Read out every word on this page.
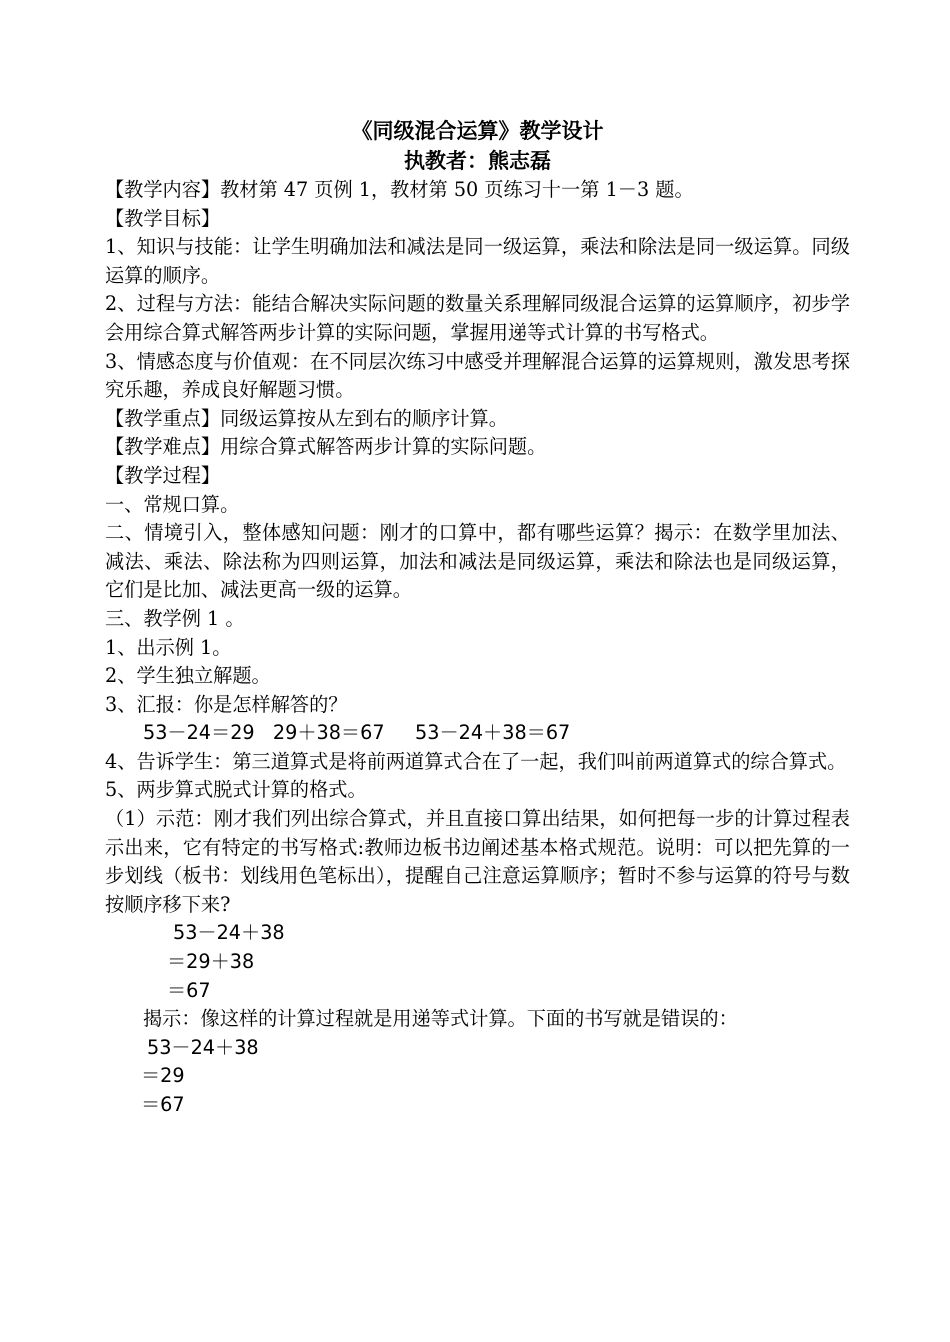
《同级混合运算》教学设计
执教者：熊志磊
【教学内容】教材第 47 页例 1，教材第 50 页练习十一第 1－3 题。
【教学目标】
1、知识与技能：让学生明确加法和减法是同一级运算，乘法和除法是同一级运算。同级运算的顺序。
2、过程与方法：能结合解决实际问题的数量关系理解同级混合运算的运算顺序，初步学会用综合算式解答两步计算的实际问题，掌握用递等式计算的书写格式。
3、情感态度与价值观：在不同层次练习中感受并理解混合运算的运算规则，激发思考探究乐趣，养成良好解题习惯。
【教学重点】同级运算按从左到右的顺序计算。
【教学难点】用综合算式解答两步计算的实际问题。
【教学过程】
一、常规口算。
二、情境引入，整体感知问题：刚才的口算中，都有哪些运算？揭示：在数学里加法、减法、乘法、除法称为四则运算，加法和减法是同级运算，乘法和除法也是同级运算，它们是比加、减法更高一级的运算。
三、教学例 1 。
1、出示例 1。
2、学生独立解题。
3、汇报：你是怎样解答的？
53－24＝29   29＋38＝67     53－24＋38＝67
4、告诉学生：第三道算式是将前两道算式合在了一起，我们叫前两道算式的综合算式。
5、两步算式脱式计算的格式。
（1）示范：刚才我们列出综合算式，并且直接口算出结果，如何把每一步的计算过程表示出来，它有特定的书写格式:教师边板书边阐述基本格式规范。说明：可以把先算的一步划线（板书：划线用色笔标出），提醒自己注意运算顺序；暂时不参与运算的符号与数按顺序移下来?
53－24＋38
＝29＋38
＝67
揭示：像这样的计算过程就是用递等式计算。下面的书写就是错误的：
53－24＋38
＝29
＝67
